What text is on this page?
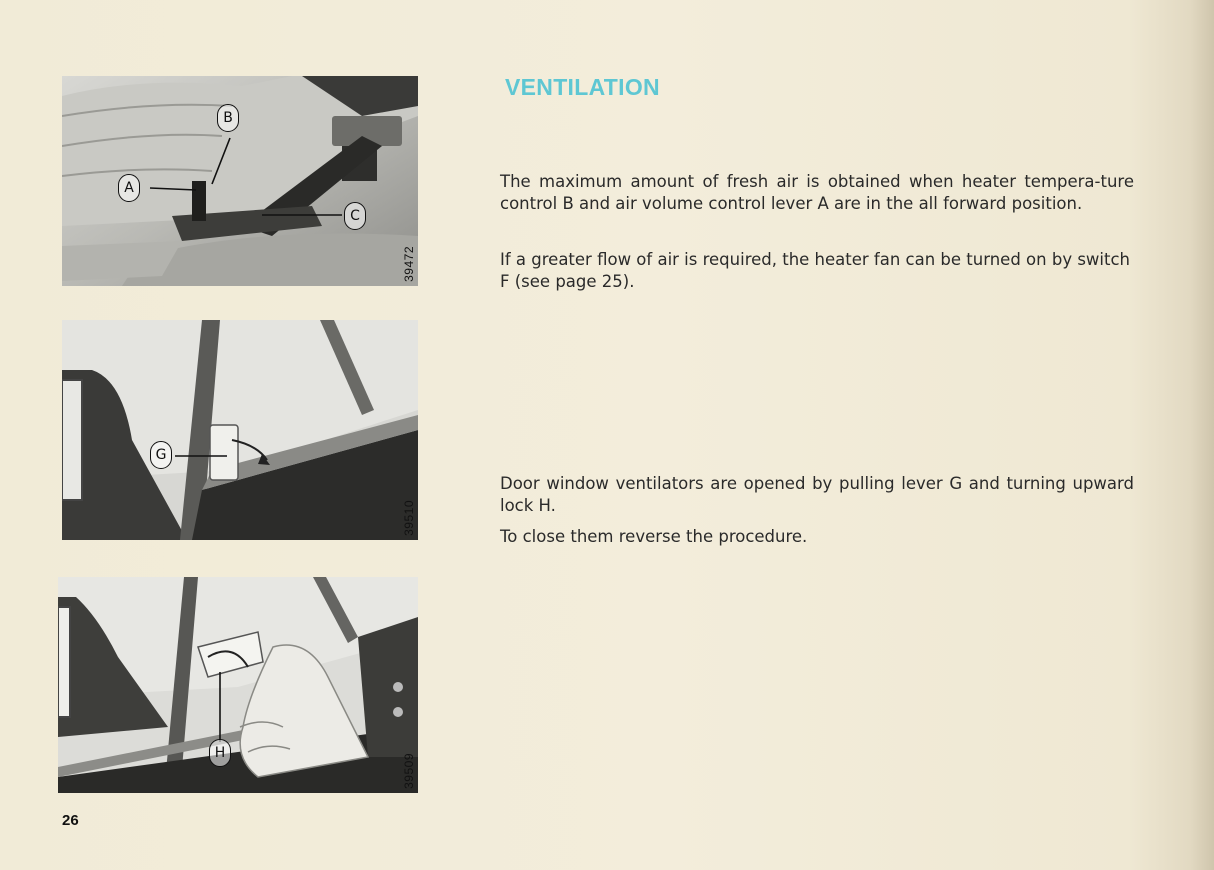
A
B
C
39472
G
39510
H
39509
VENTILATION

The maximum amount of fresh air is obtained when heater tempera-ture control B and air volume control lever A are in the all forward position.

If a greater flow of air is required, the heater fan can be turned on by switch F (see page 25).

Door window ventilators are opened by pulling lever G and turning upward lock H.

To close them reverse the procedure.

26
